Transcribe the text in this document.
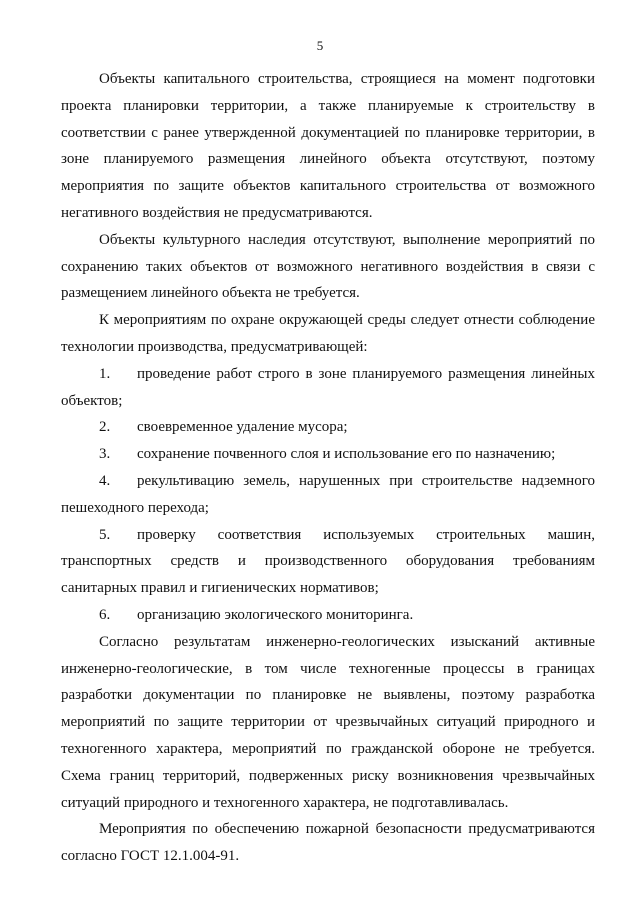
5

Объекты капитального строительства, строящиеся на момент подготовки проекта планировки территории, а также планируемые к строительству в соответствии с ранее утвержденной документацией по планировке территории, в зоне планируемого размещения линейного объекта отсутствуют, поэтому мероприятия по защите объектов капитального строительства от возможного негативного воздействия не предусматриваются.

Объекты культурного наследия отсутствуют, выполнение мероприятий по сохранению таких объектов от возможного негативного воздействия в связи с размещением линейного объекта не требуется.

К мероприятиям по охране окружающей среды следует отнести соблюдение технологии производства, предусматривающей:

1. проведение работ строго в зоне планируемого размещения линейных объектов;

2. своевременное удаление мусора;

3. сохранение почвенного слоя и использование его по назначению;

4. рекультивацию земель, нарушенных при строительстве надземного пешеходного перехода;

5. проверку соответствия используемых строительных машин, транспортных средств и производственного оборудования требованиям санитарных правил и гигиенических нормативов;

6. организацию экологического мониторинга.

Согласно результатам инженерно-геологических изысканий активные инженерно-геологические, в том числе техногенные процессы в границах разработки документации по планировке не выявлены, поэтому разработка мероприятий по защите территории от чрезвычайных ситуаций природного и техногенного характера, мероприятий по гражданской обороне не требуется. Схема границ территорий, подверженных риску возникновения чрезвычайных ситуаций природного и техногенного характера, не подготавливалась.

Мероприятия по обеспечению пожарной безопасности предусматриваются согласно ГОСТ 12.1.004-91.
